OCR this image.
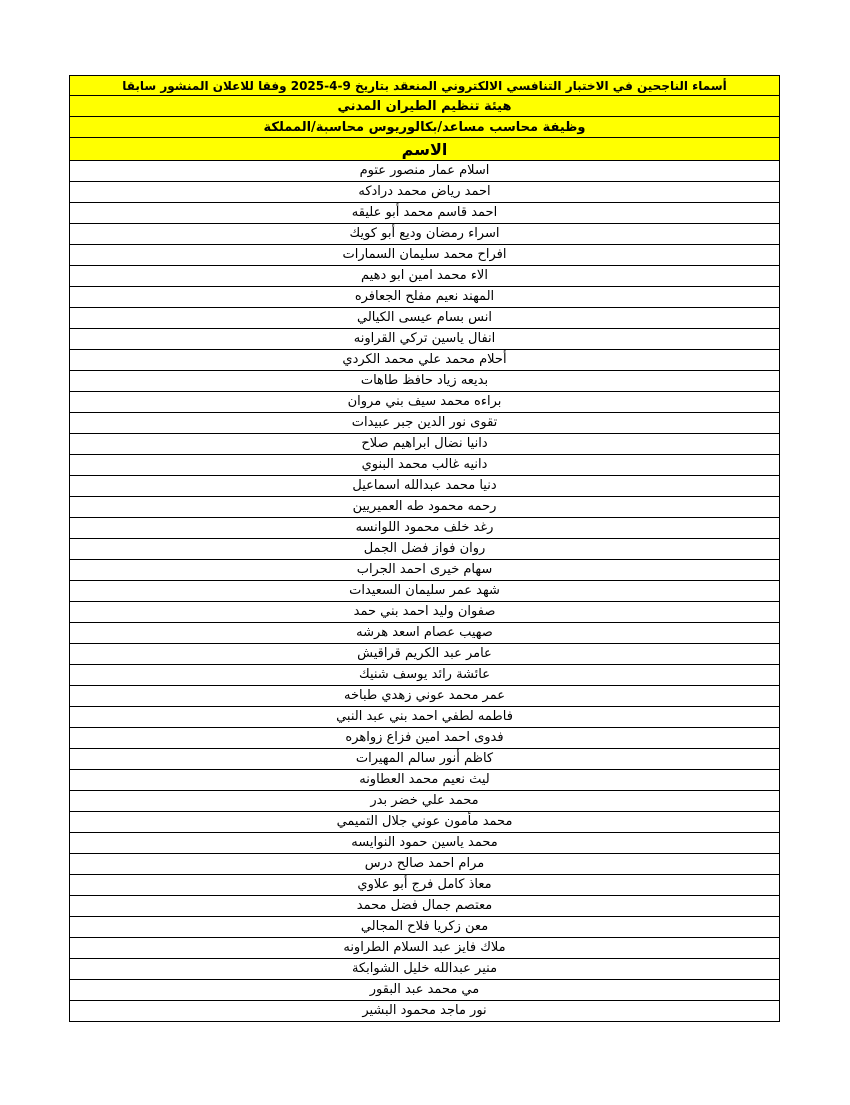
أسماء الناجحين في الاختبار التنافسي الالكتروني المنعقد بتاريخ 9-4-2025 وفقا للاعلان المنشور سابقا
هيئة تنظيم الطيران المدني
وظيفة محاسب مساعد/بكالوريوس محاسبة/المملكة
الاسم
اسلام عمار منصور عتوم
احمد رياض محمد درادكه
احمد قاسم محمد أبو عليقه
اسراء رمضان وديع أبو كويك
افراح محمد سليمان السمارات
الاء محمد امين ابو دهيم
المهند نعيم مفلح الجعافره
انس بسام عيسى الكيالي
انفال ياسين تركي القراونه
أحلام محمد علي محمد الكردي
بديعه زياد حافظ طاهات
براءه محمد سيف بني مروان
تقوى نور الدين جبر عبيدات
دانيا نضال ابراهيم صلاح
دانيه غالب محمد البنوي
دنيا محمد عبدالله اسماعيل
رحمه محمود طه العميريين
رغد خلف محمود اللوانسه
روان فواز فضل الجمل
سهام خيرى احمد الجراب
شهد عمر سليمان السعيدات
صفوان وليد احمد بني حمد
صهيب عصام اسعد هرشه
عامر عبد الكريم قراقيش
عائشة رائد يوسف شنيك
عمر محمد عوني زهدي طباخه
فاطمه لطفي احمد بني عبد النبي
فدوى احمد امين فزاع زواهره
كاظم أنور سالم المهيرات
ليث نعيم محمد العطاونه
محمد علي خضر بدر
محمد مأمون عوني جلال التميمي
محمد ياسين حمود النوايسه
مرام احمد صالح درس
معاذ كامل فرج أبو علاوي
معتصم جمال فضل محمد
معن زكريا فلاح المجالي
ملاك فايز عبد السلام الطراونه
منير عبدالله خليل الشوابكة
مي محمد عبد البقور
نور ماجد محمود البشير
